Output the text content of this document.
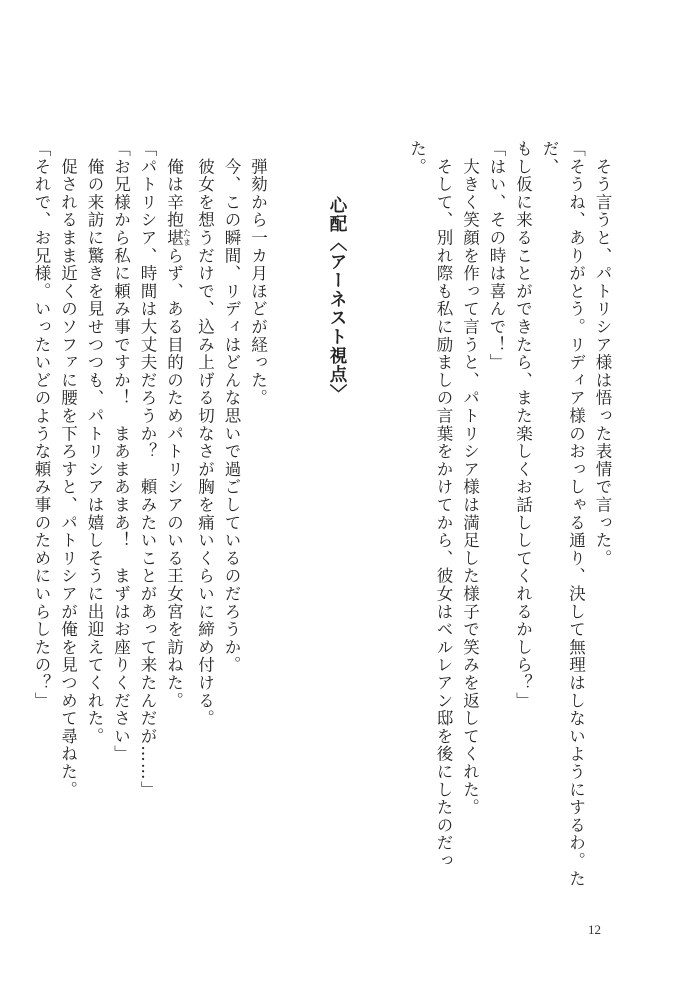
　そう言うと、パトリシア様は悟った表情で言った。

「そうね、ありがとう。リディア様のおっしゃる通り、決して無理はしないようにするわ。ただ、

もし仮に来ることができたら、また楽しくお話ししてくれるかしら？」

「はい、その時は喜んで！」

　大きく笑顔を作って言うと、パトリシア様は満足した様子で笑みを返してくれた。

　そして、別れ際も私に励ましの言葉をかけてから、彼女はベルレアン邸を後にしたのだった。

心配〈アーネスト視点〉

　弾劾から一カ月ほどが経った。

　今、この瞬間、リディはどんな思いで過ごしているのだろうか。

　彼女を想うだけで、込み上げる切なさが胸を痛いくらいに締め付ける。

　俺は辛抱堪 たまらず、ある目的のためパトリシアのいる王女宮を訪ねた。

「パトリシア、時間は大丈夫だろうか？　頼みたいことがあって来たんだが……」

「お兄様から私に頼み事ですか！　まあまあまあ！　まずはお座りください」

　俺の来訪に驚きを見せつつも、パトリシアは嬉しそうに出迎えてくれた。

　促されるまま近くのソファに腰を下ろすと、パトリシアが俺を見つめて尋ねた。

「それで、お兄様。いったいどのような頼み事のためにいらしたの？」

12
